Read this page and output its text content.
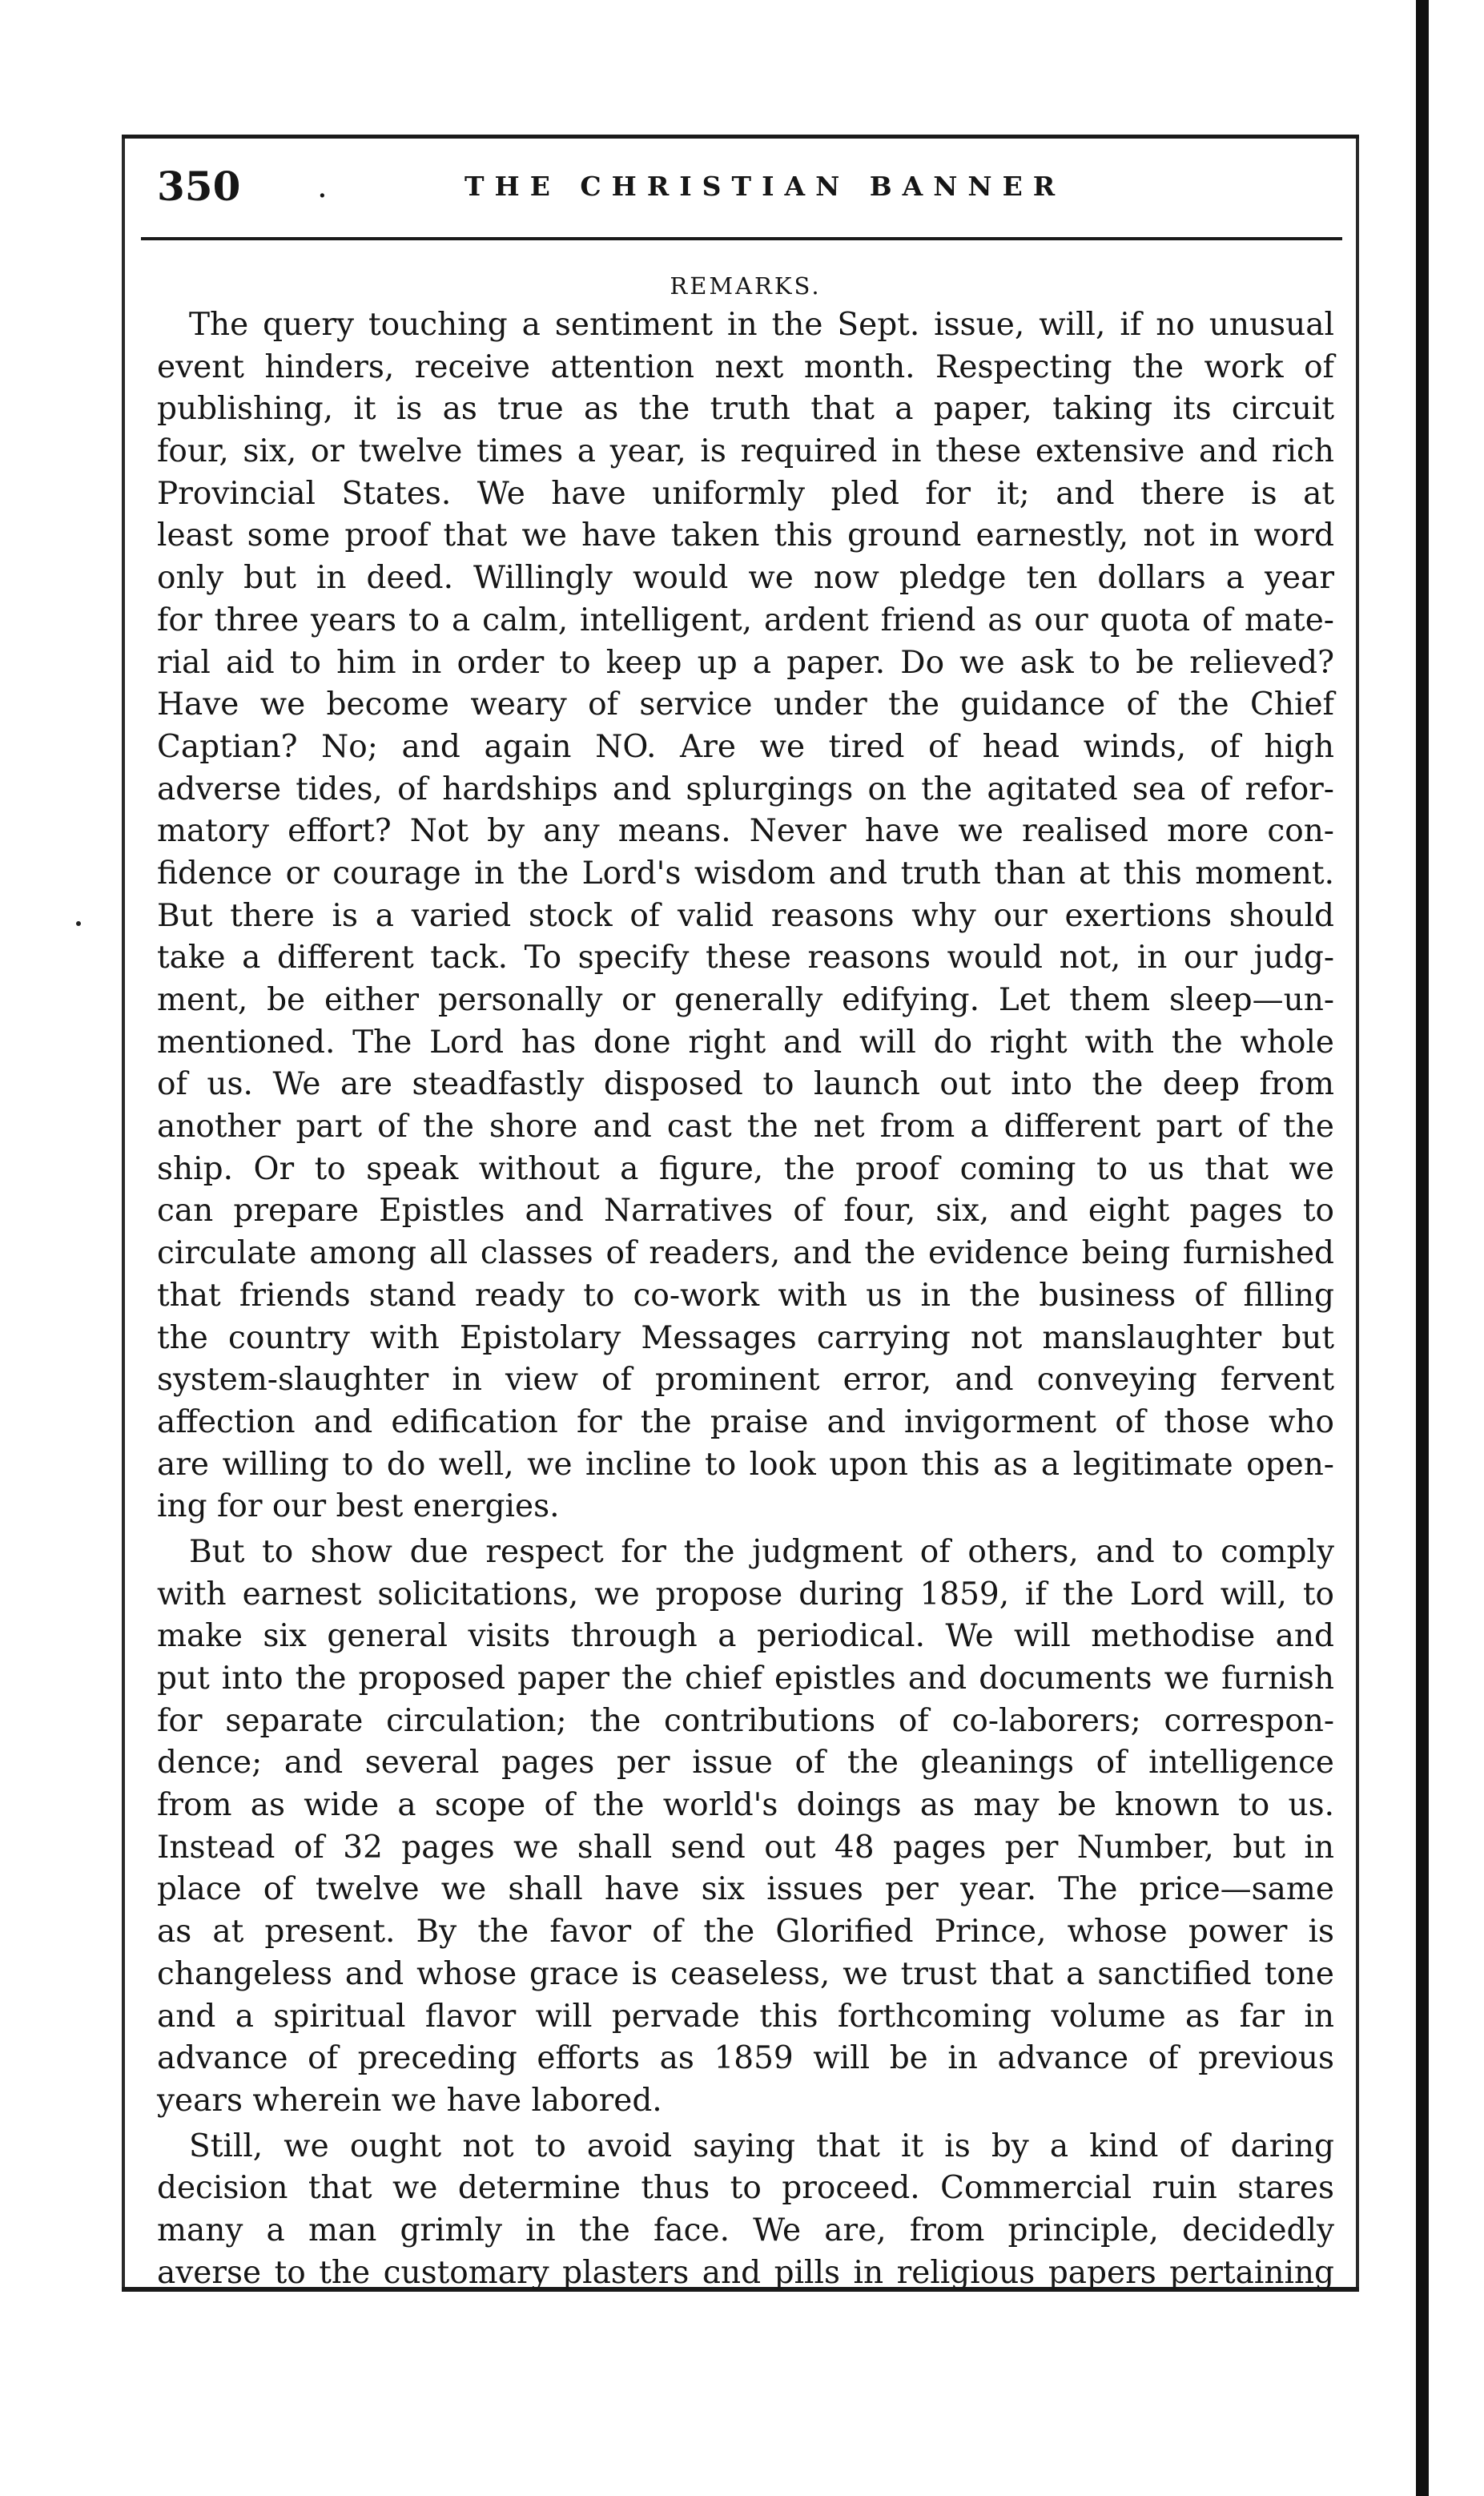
350 .	THE CHRISTIAN BANNER
REMARKS.
The query touching a sentiment in the Sept. issue, will, if no unusual
event hinders, receive attention next month. Respecting the work of
publishing, it is as true as the truth that a paper, taking its circuit
four, six, or twelve times a year, is required in these extensive and rich
Provincial States. We have uniformly pled for it; and there is at
least some proof that we have taken this ground earnestly, not in word
only but in deed. Willingly would we now pledge ten dollars a year
for three years to a calm, intelligent, ardent friend as our quota of mate-
rial aid to him in order to keep up a paper. Do we ask to be relieved?
Have we become weary of service under the guidance of the Chief
Captian? No; and again NO. Are we tired of head winds, of high
adverse tides, of hardships and splurgings on the agitated sea of refor-
matory effort? Not by any means. Never have we realised more con-
fidence or courage in the Lord's wisdom and truth than at this moment.
But there is a varied stock of valid reasons why our exertions should
take a different tack. To specify these reasons would not, in our judg-
ment, be either personally or generally edifying. Let them sleep—un-
mentioned. The Lord has done right and will do right with the whole
of us. We are steadfastly disposed to launch out into the deep from
another part of the shore and cast the net from a different part of the
ship. Or to speak without a figure, the proof coming to us that we
can prepare Epistles and Narratives of four, six, and eight pages to
circulate among all classes of readers, and the evidence being furnished
that friends stand ready to co-work with us in the business of filling
the country with Epistolary Messages carrying not manslaughter but
system-slaughter in view of prominent error, and conveying fervent
affection and edification for the praise and invigorment of those who
are willing to do well, we incline to look upon this as a legitimate open-
ing for our best energies.
But to show due respect for the judgment of others, and to comply
with earnest solicitations, we propose during 1859, if the Lord will, to
make six general visits through a periodical. We will methodise and
put into the proposed paper the chief epistles and documents we furnish
for separate circulation; the contributions of co-laborers; correspon-
dence; and several pages per issue of the gleanings of intelligence
from as wide a scope of the world's doings as may be known to us.
Instead of 32 pages we shall send out 48 pages per Number, but in
place of twelve we shall have six issues per year. The price—same
as at present. By the favor of the Glorified Prince, whose power is
changeless and whose grace is ceaseless, we trust that a sanctified tone
and a spiritual flavor will pervade this forthcoming volume as far in
advance of preceding efforts as 1859 will be in advance of previous
years wherein we have labored.
Still, we ought not to avoid saying that it is by a kind of daring
decision that we determine thus to proceed. Commercial ruin stares
many a man grimly in the face. We are, from principle, decidedly
averse to the customary plasters and pills in religious papers pertaining
